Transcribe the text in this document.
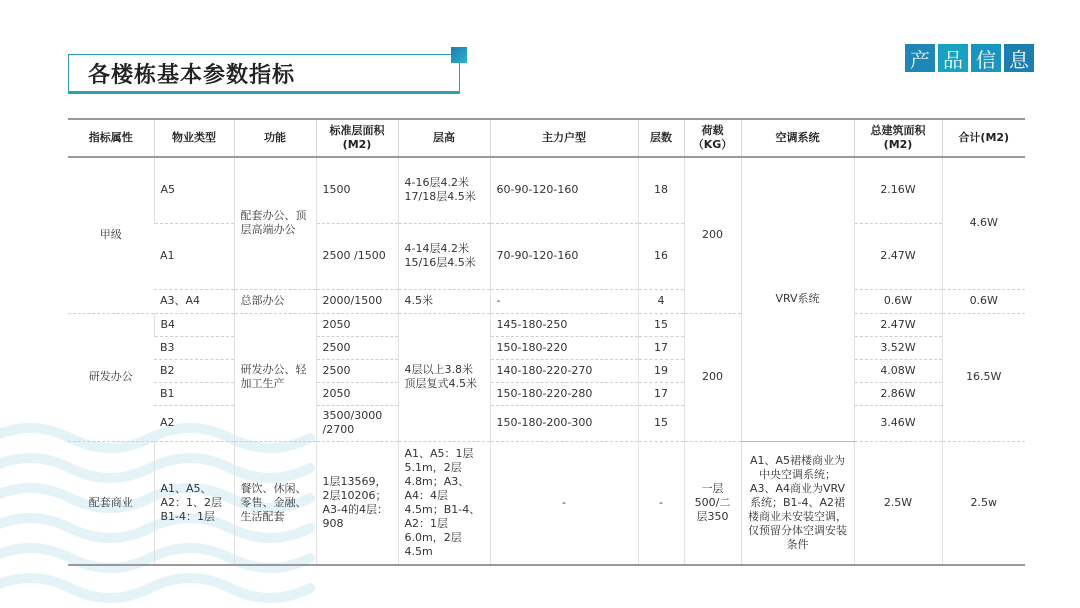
各楼栋基本参数指标
产 品 信 息
指标属性	物业类型	功能	标准层面积(M2)	层高	主力户型	层数	荷载（KG）	空调系统	总建筑面积(M2)	合计(M2)
甲级	A5	配套办公、顶层高端办公	1500	4-16层4.2米 17/18层4.5米	60-90-120-160	18	200	VRV系统	2.16W	4.6W
	A1		2500 /1500	4-14层4.2米 15/16层4.5米	70-90-120-160	16			2.47W	
	A3、A4	总部办公	2000/1500	4.5米	-	4			0.6W	0.6W
研发办公	B4	研发办公、轻加工生产	2050	4层以上3.8米 顶层复式4.5米	145-180-250	15	200		2.47W	16.5W
	B3		2500		150-180-220	17			3.52W	
	B2		2500		140-180-220-270	19			4.08W	
	B1		2050		150-180-220-280	17			2.86W	
	A2		3500/3000 /2700		150-180-200-300	15			3.46W	
配套商业	A1、A5、A2：1、2层 B1-4：1层	餐饮、休闲、零售、金融、生活配套	1层13569，2层10206；A3-4的4层：908	A1、A5：1层5.1m，2层4.8m；A3、A4：4层4.5m；B1-4、A2：1层6.0m，2层4.5m	-	-	一层500/二层350	A1、A5裙楼商业为中央空调系统；A3、A4商业为VRV系统；B1-4、A2裙楼商业未安装空调，仅预留分体空调安装条件	2.5W	2.5w
